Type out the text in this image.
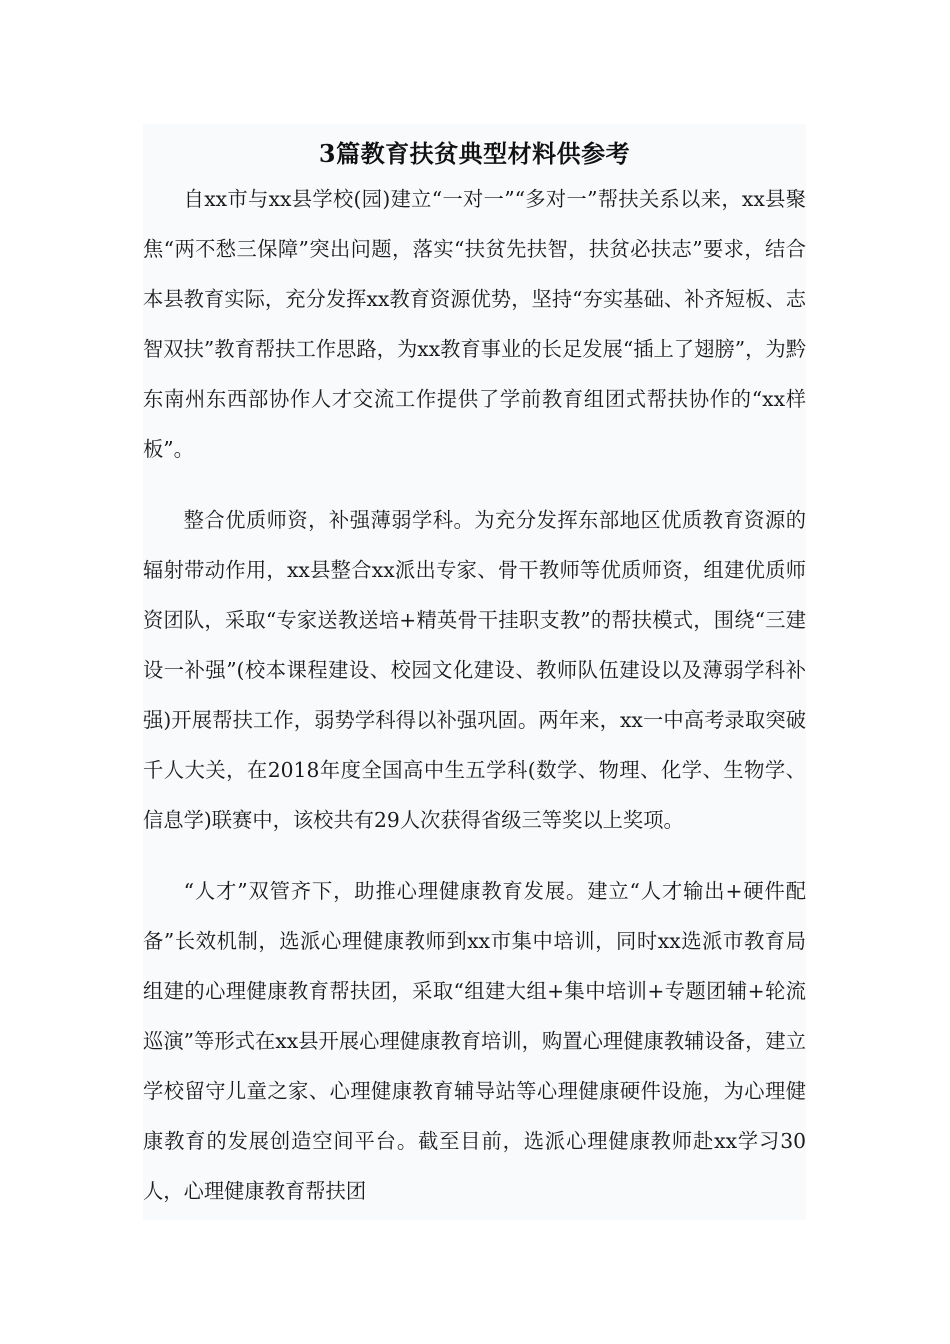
3篇教育扶贫典型材料供参考

自xx市与xx县学校(园)建立“一对一”“多对一”帮扶关系以来，xx县聚焦“两不愁三保障”突出问题，落实“扶贫先扶智，扶贫必扶志”要求，结合本县教育实际，充分发挥xx教育资源优势，坚持“夯实基础、补齐短板、志智双扶”教育帮扶工作思路，为xx教育事业的长足发展“插上了翅膀”，为黔东南州东西部协作人才交流工作提供了学前教育组团式帮扶协作的“xx样板”。

整合优质师资，补强薄弱学科。为充分发挥东部地区优质教育资源的辐射带动作用，xx县整合xx派出专家、骨干教师等优质师资，组建优质师资团队，采取“专家送教送培+精英骨干挂职支教”的帮扶模式，围绕“三建设一补强”(校本课程建设、校园文化建设、教师队伍建设以及薄弱学科补强)开展帮扶工作，弱势学科得以补强巩固。两年来，xx一中高考录取突破千人大关，在2018年度全国高中生五学科(数学、物理、化学、生物学、信息学)联赛中，该校共有29人次获得省级三等奖以上奖项。

“人才”双管齐下，助推心理健康教育发展。建立“人才输出+硬件配备”长效机制，选派心理健康教师到xx市集中培训，同时xx选派市教育局组建的心理健康教育帮扶团，采取“组建大组+集中培训+专题团辅+轮流巡演”等形式在xx县开展心理健康教育培训，购置心理健康教辅设备，建立学校留守儿童之家、心理健康教育辅导站等心理健康硬件设施，为心理健康教育的发展创造空间平台。截至目前，选派心理健康教师赴xx学习30人，心理健康教育帮扶团
